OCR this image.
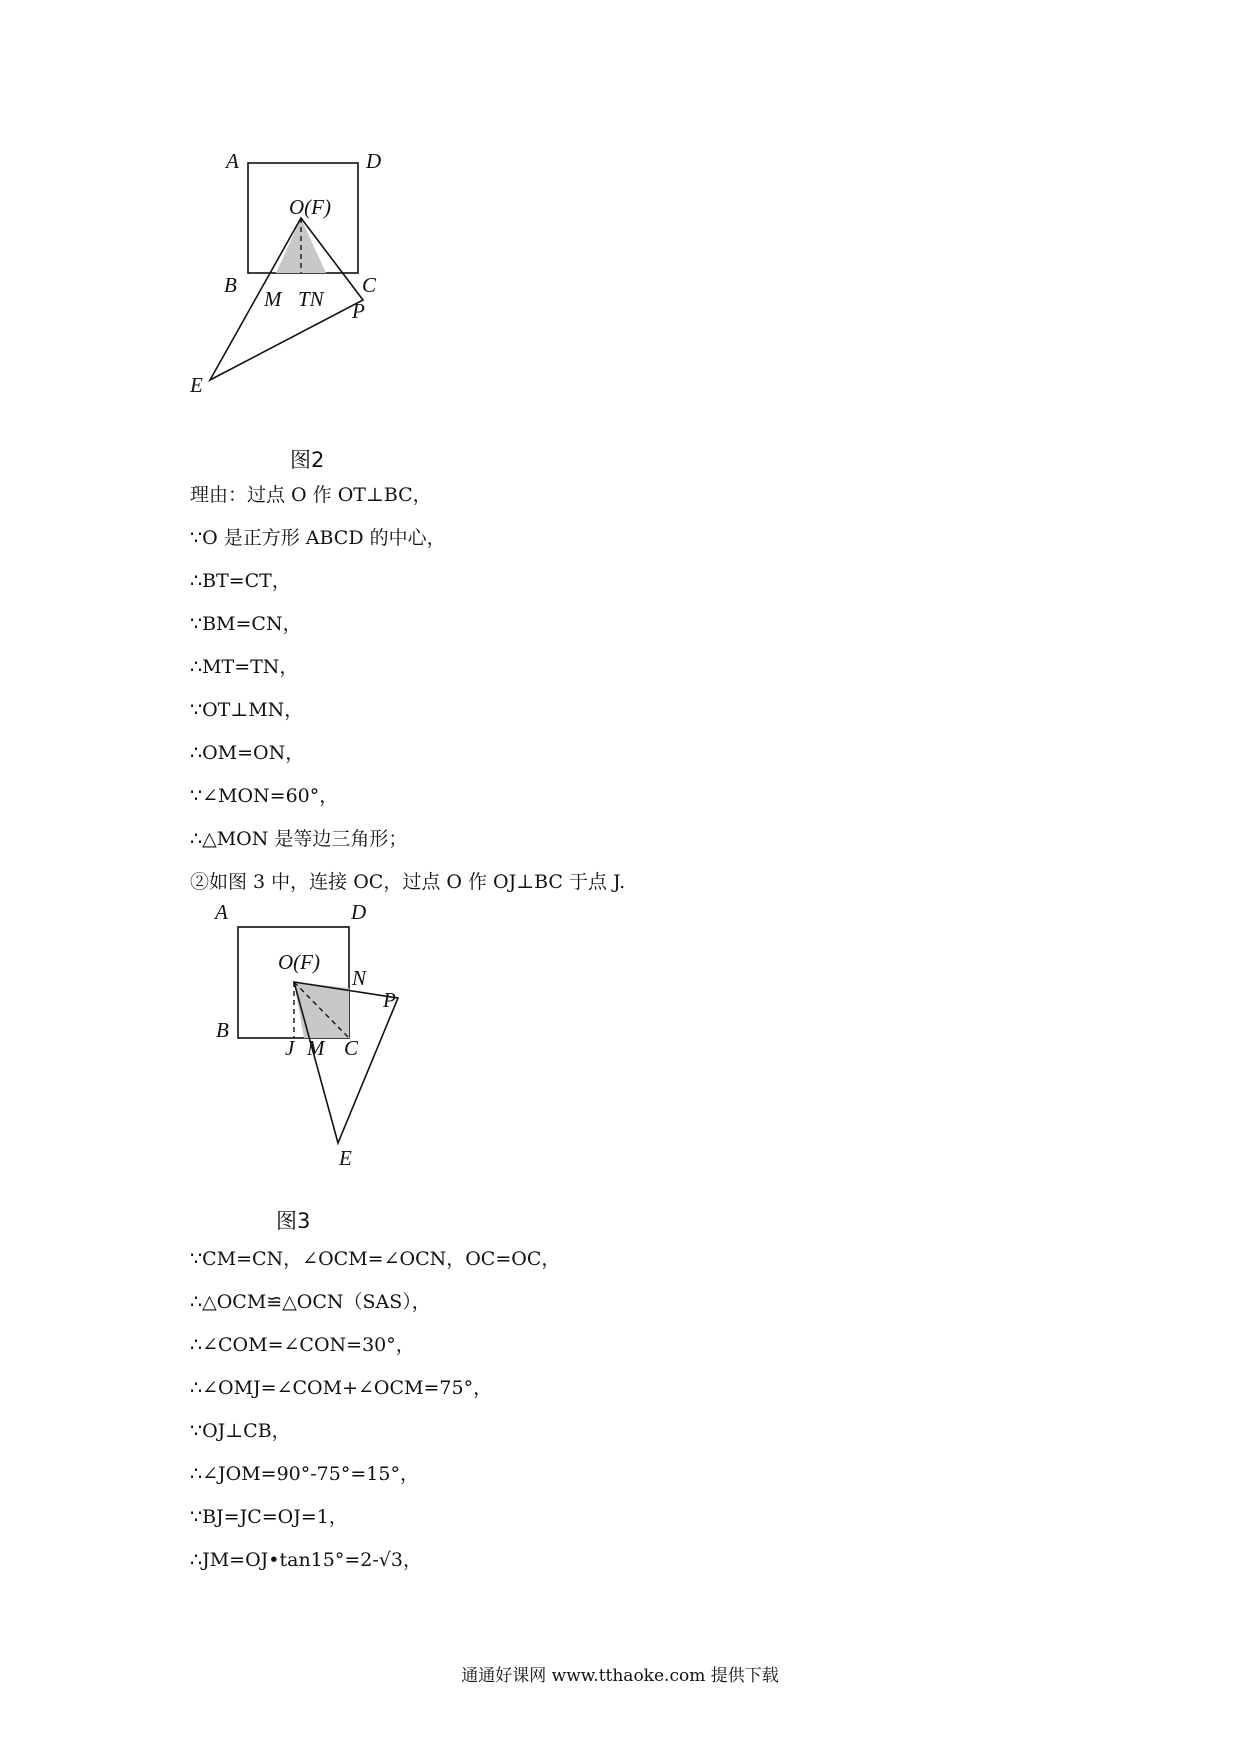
A	D
O(F)
B	C
M TN P
E
图2
理由：过点 O 作 OT⊥BC，
∵O 是正方形 ABCD 的中心，
∴BT=CT，
∵BM=CN，
∴MT=TN，
∵OT⊥MN，
∴OM=ON，
∵∠MON=60°，
∴△MON 是等边三角形；
②如图 3 中，连接 OC，过点 O 作 OJ⊥BC 于点 J.
A	D
O(F)
N
P
B
J M C
E
图3
∵CM=CN，∠OCM=∠OCN，OC=OC，
∴△OCM≌△OCN（SAS），
∴∠COM=∠CON=30°，
∴∠OMJ=∠COM+∠OCM=75°，
∵OJ⊥CB，
∴∠JOM=90°-75°=15°，
∵BJ=JC=OJ=1，
∴JM=OJ•tan15°=2-√3，
通通好课网 www.tthaoke.com 提供下载
